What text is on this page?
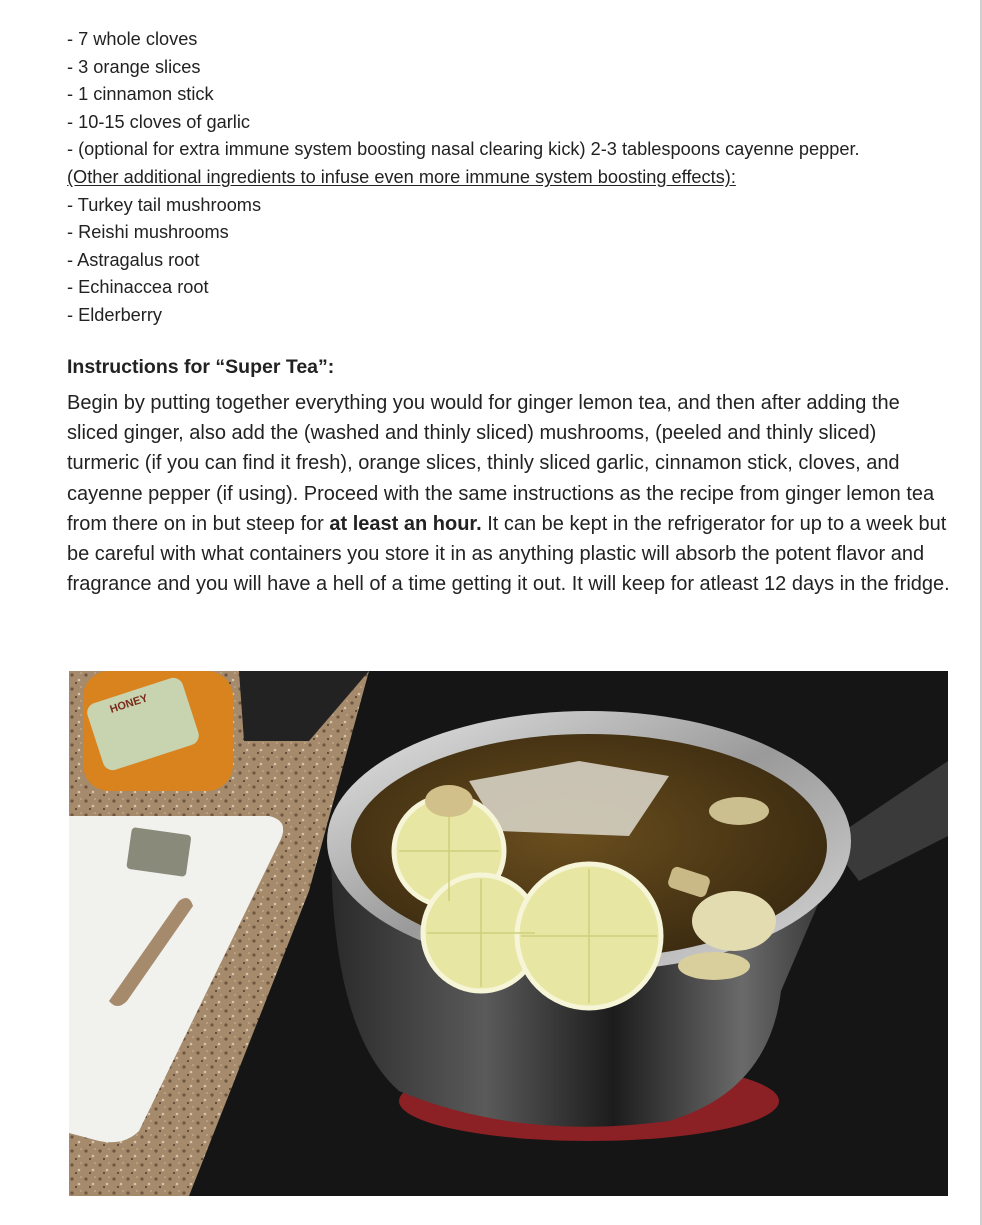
- 7 whole cloves
- 3 orange slices
- 1 cinnamon stick
- 10-15 cloves of garlic
- (optional for extra immune system boosting nasal clearing kick) 2-3 tablespoons cayenne pepper.
(Other additional ingredients to infuse even more immune system boosting effects):
- Turkey tail mushrooms
- Reishi mushrooms
- Astragalus root
- Echinaccea root
- Elderberry
Instructions for “Super Tea”:

Begin by putting together everything you would for ginger lemon tea, and then after adding the sliced ginger, also add the (washed and thinly sliced) mushrooms, (peeled and thinly sliced) turmeric (if you can find it fresh), orange slices, thinly sliced garlic, cinnamon stick, cloves, and cayenne pepper (if using). Proceed with the same instructions as the recipe from ginger lemon tea from there on in but steep for at least an hour. It can be kept in the refrigerator for up to a week but be careful with what containers you store it in as anything plastic will absorb the potent flavor and fragrance and you will have a hell of a time getting it out. It will keep for atleast 12 days in the fridge.

HONEY
